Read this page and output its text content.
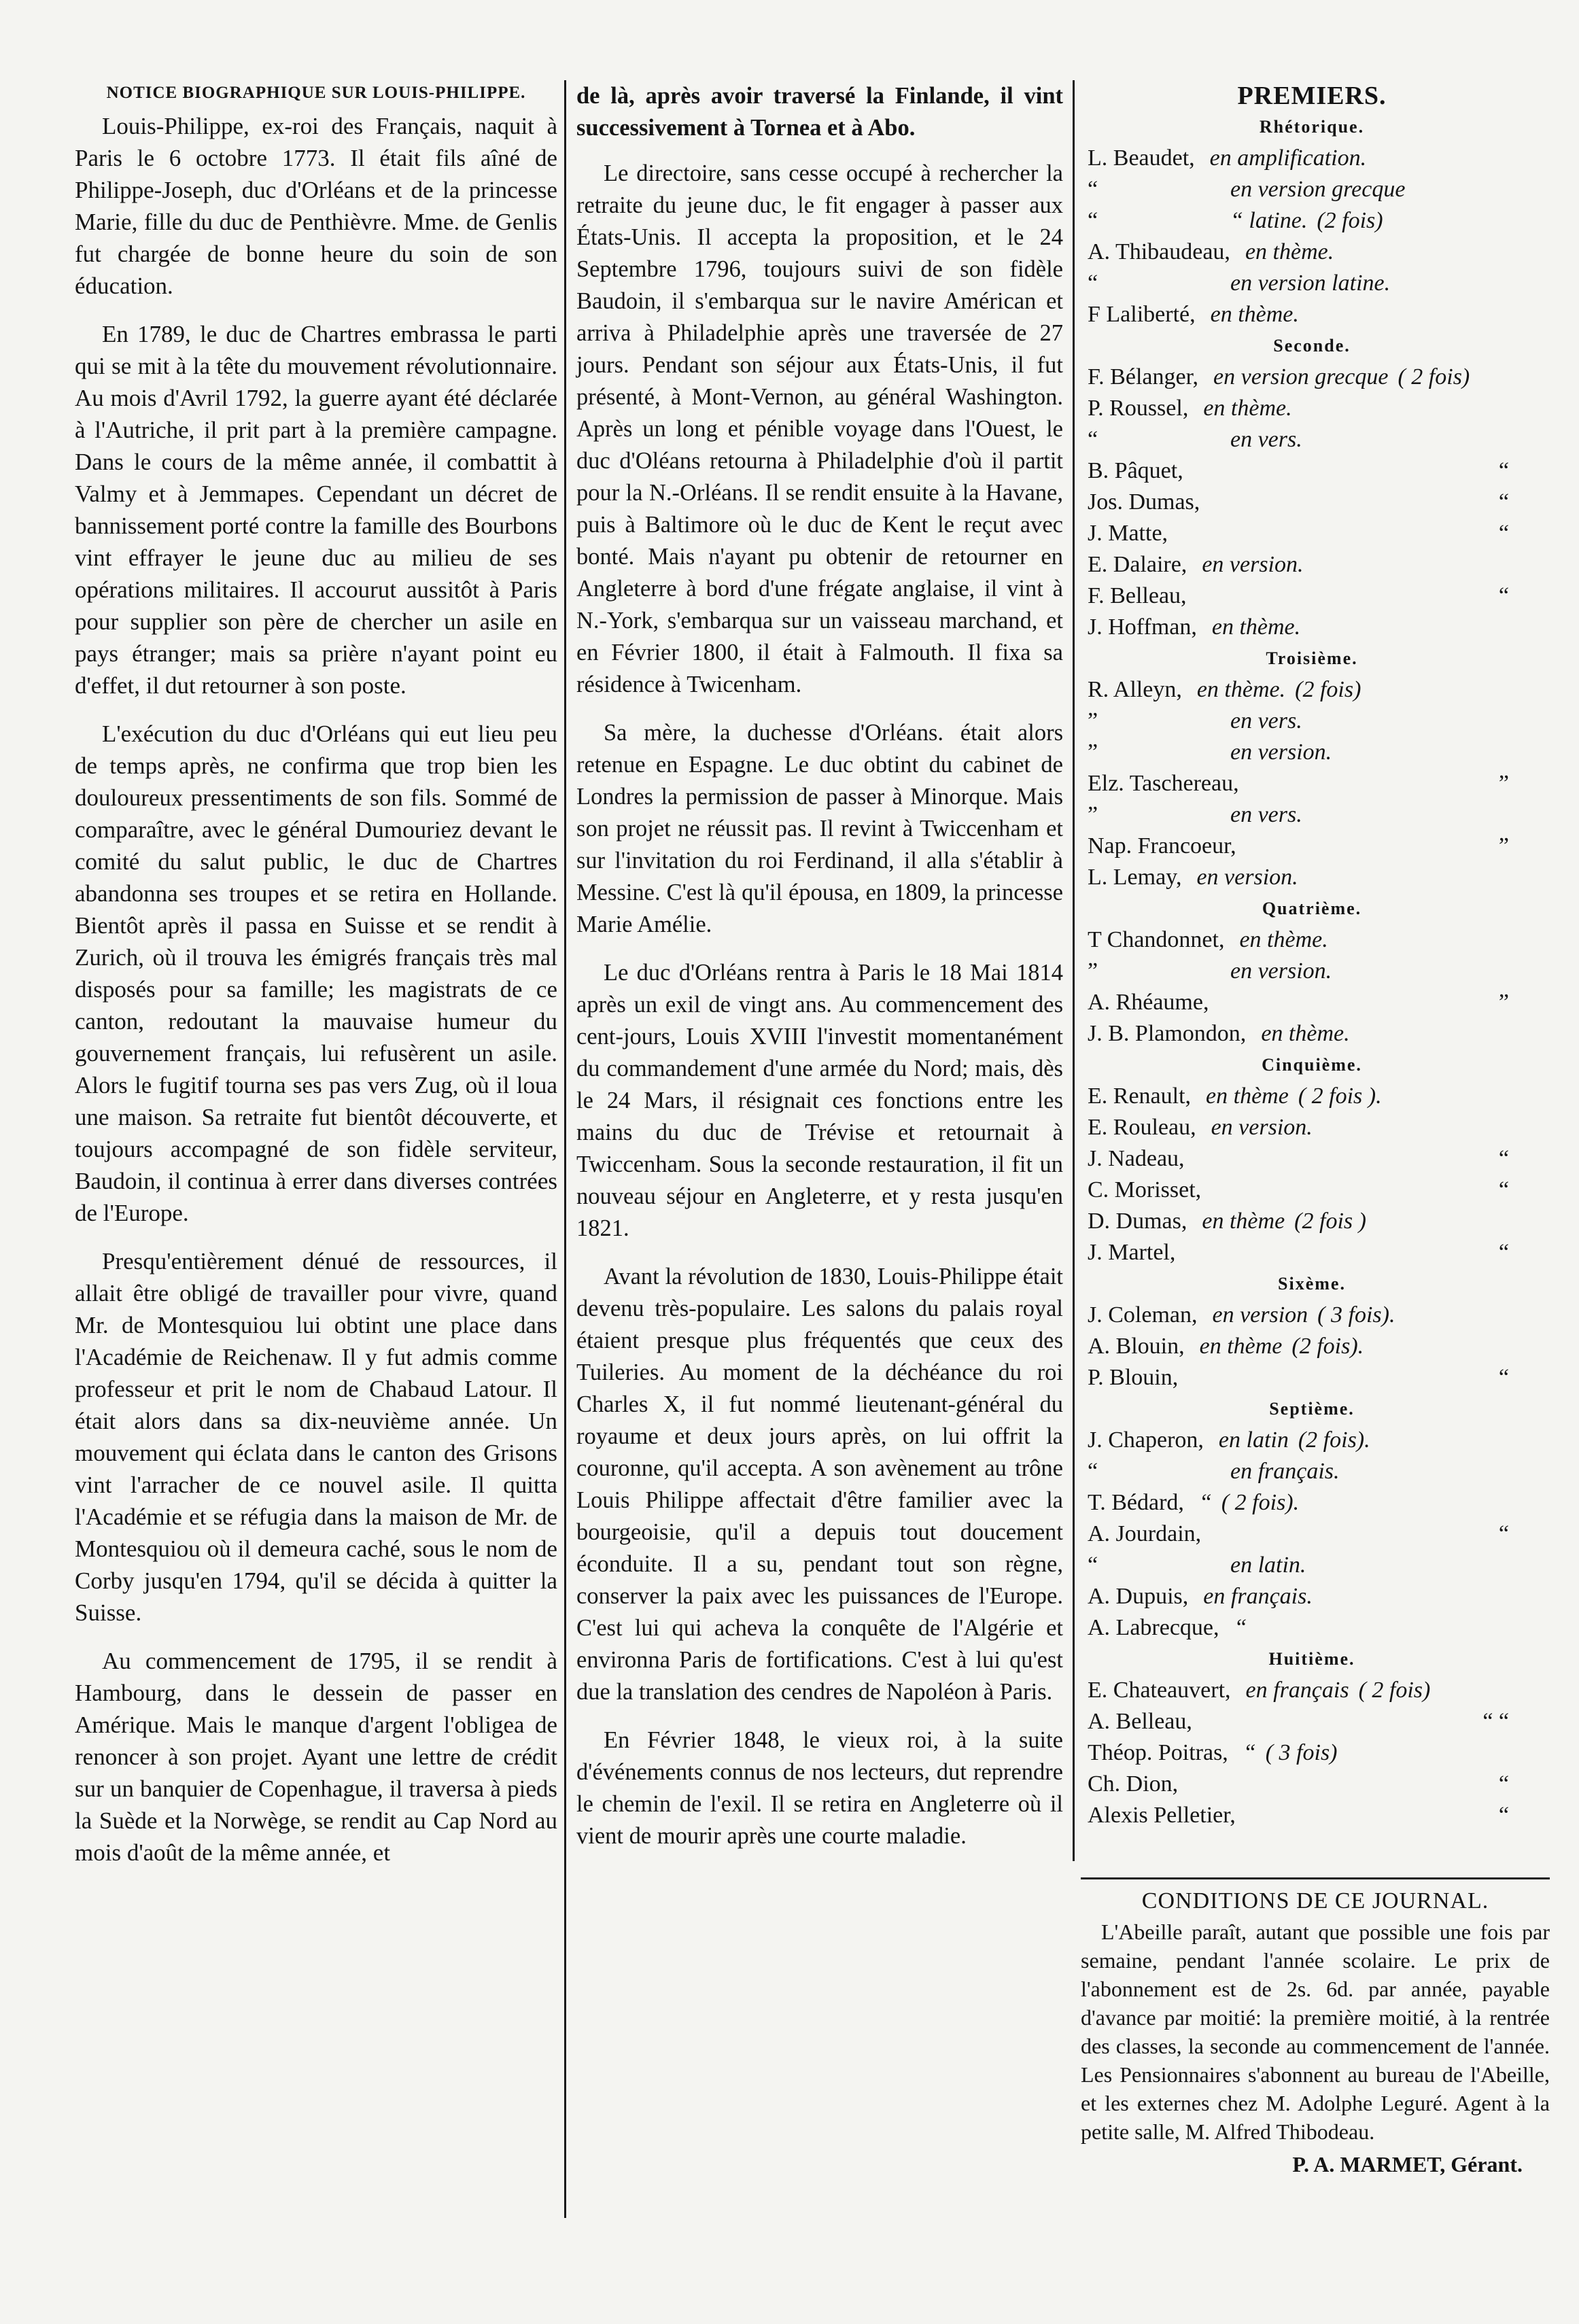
NOTICE BIOGRAPHIQUE SUR LOUIS-PHILIPPE.

Louis-Philippe, ex-roi des Français, naquit à Paris le 6 octobre 1773. Il était fils aîné de Philippe-Joseph, duc d'Orléans et de la princesse Marie, fille du duc de Penthièvre. Mme. de Genlis fut chargée de bonne heure du soin de son éducation.

En 1789, le duc de Chartres embrassa le parti qui se mit à la tête du mouvement révolutionnaire. Au mois d'Avril 1792, la guerre ayant été déclarée à l'Autriche, il prit part à la première campagne. Dans le cours de la même année, il combattit à Valmy et à Jemmapes. Cependant un décret de bannissement porté contre la famille des Bourbons vint effrayer le jeune duc au milieu de ses opérations militaires. Il accourut aussitôt à Paris pour supplier son père de chercher un asile en pays étranger; mais sa prière n'ayant point eu d'effet, il dut retourner à son poste.

L'exécution du duc d'Orléans qui eut lieu peu de temps après, ne confirma que trop bien les douloureux pressentiments de son fils. Sommé de comparaître, avec le général Dumouriez devant le comité du salut public, le duc de Chartres abandonna ses troupes et se retira en Hollande. Bientôt après il passa en Suisse et se rendit à Zurich, où il trouva les émigrés français très mal disposés pour sa famille; les magistrats de ce canton, redoutant la mauvaise humeur du gouvernement français, lui refusèrent un asile. Alors le fugitif tourna ses pas vers Zug, où il loua une maison. Sa retraite fut bientôt découverte, et toujours accompagné de son fidèle serviteur, Baudoin, il continua à errer dans diverses contrées de l'Europe.

Presqu'entièrement dénué de ressources, il allait être obligé de travailler pour vivre, quand Mr. de Montesquiou lui obtint une place dans l'Académie de Reichenaw. Il y fut admis comme professeur et prit le nom de Chabaud Latour. Il était alors dans sa dix-neuvième année. Un mouvement qui éclata dans le canton des Grisons vint l'arracher de ce nouvel asile. Il quitta l'Académie et se réfugia dans la maison de Mr. de Montesquiou où il demeura caché, sous le nom de Corby jusqu'en 1794, qu'il se décida à quitter la Suisse.

Au commencement de 1795, il se rendit à Hambourg, dans le dessein de passer en Amérique. Mais le manque d'argent l'obligea de renoncer à son projet. Ayant une lettre de crédit sur un banquier de Copenhague, il traversa à pieds la Suède et la Norwège, se rendit au Cap Nord au mois d'août de la même année, et

de là, après avoir traversé la Finlande, il vint successivement à Tornea et à Abo.

Le directoire, sans cesse occupé à rechercher la retraite du jeune duc, le fit engager à passer aux États-Unis. Il accepta la proposition, et le 24 Septembre 1796, toujours suivi de son fidèle Baudoin, il s'embarqua sur le navire Américan et arriva à Philadelphie après une traversée de 27 jours. Pendant son séjour aux États-Unis, il fut présenté, à Mont-Vernon, au général Washington. Après un long et pénible voyage dans l'Ouest, le duc d'Oléans retourna à Philadelphie d'où il partit pour la N.-Orléans. Il se rendit ensuite à la Havane, puis à Baltimore où le duc de Kent le reçut avec bonté. Mais n'ayant pu obtenir de retourner en Angleterre à bord d'une frégate anglaise, il vint à N.-York, s'embarqua sur un vaisseau marchand, et en Février 1800, il était à Falmouth. Il fixa sa résidence à Twicenham.

Sa mère, la duchesse d'Orléans. était alors retenue en Espagne. Le duc obtint du cabinet de Londres la permission de passer à Minorque. Mais son projet ne réussit pas. Il revint à Twiccenham et sur l'invitation du roi Ferdinand, il alla s'établir à Messine. C'est là qu'il épousa, en 1809, la princesse Marie Amélie.

Le duc d'Orléans rentra à Paris le 18 Mai 1814 après un exil de vingt ans. Au commencement des cent-jours, Louis XVIII l'investit momentanément du commandement d'une armée du Nord; mais, dès le 24 Mars, il résignait ces fonctions entre les mains du duc de Trévise et retournait à Twiccenham. Sous la seconde restauration, il fit un nouveau séjour en Angleterre, et y resta jusqu'en 1821.

Avant la révolution de 1830, Louis-Philippe était devenu très-populaire. Les salons du palais royal étaient presque plus fréquentés que ceux des Tuileries. Au moment de la déchéance du roi Charles X, il fut nommé lieutenant-général du royaume et deux jours après, on lui offrit la couronne, qu'il accepta. A son avènement au trône Louis Philippe affectait d'être familier avec la bourgeoisie, qu'il a depuis tout doucement éconduite. Il a su, pendant tout son règne, conserver la paix avec les puissances de l'Europe. C'est lui qui acheva la conquête de l'Algérie et environna Paris de fortifications. C'est à lui qu'est due la translation des cendres de Napoléon à Paris.

En Février 1848, le vieux roi, à la suite d'événements connus de nos lecteurs, dut reprendre le chemin de l'exil. Il se retira en Angleterre où il vient de mourir après une courte maladie.

PREMIERS.
Rhétorique.
L. Beaudet, en amplification.
“	en version grecque
“	“ latine. (2 fois)
A. Thibaudeau, en thème.
“	en version latine.
F Laliberté, en thème.
Seconde.
F. Bélanger, en version grecque ( 2 fois)
P. Roussel, en thème.
“	en vers.
B. Pâquet,	“
Jos. Dumas,	“
J. Matte,	“
E. Dalaire, en version.
F. Belleau,	“
J. Hoffman, en thème.
Troisième.
R. Alleyn, en thème. (2 fois)
”	en vers.
”	en version.
Elz. Taschereau,	”
”	en vers.
Nap. Francoeur,	”
L. Lemay, en version.
Quatrième.
T Chandonnet, en thème.
”	en version.
A. Rhéaume,	”
J. B. Plamondon, en thème.
Cinquième.
E. Renault, en thème ( 2 fois ).
E. Rouleau, en version.
J. Nadeau,	“
C. Morisset,	“
D. Dumas, en thème (2 fois )
J. Martel,	“
Sixème.
J. Coleman, en version ( 3 fois).
A. Blouin, en thème (2 fois).
P. Blouin,	“
Septième.
J. Chaperon, en latin (2 fois).
“	en français.
T. Bédard, “ ( 2 fois).
A. Jourdain,	“
“	en latin.
A. Dupuis, en français.
A. Labrecque, “
Huitième.
E. Chateauvert, en français ( 2 fois)
A. Belleau,	“ “
Théop. Poitras, “ ( 3 fois)
Ch. Dion,	“
Alexis Pelletier,	“
CONDITIONS DE CE JOURNAL.

L'Abeille paraît, autant que possible une fois par semaine, pendant l'année scolaire. Le prix de l'abonnement est de 2s. 6d. par année, payable d'avance par moitié: la première moitié, à la rentrée des classes, la seconde au commencement de l'année. Les Pensionnaires s'abonnent au bureau de l'Abeille, et les externes chez M. Adolphe Leguré. Agent à la petite salle, M. Alfred Thibodeau.

P. A. MARMET, Gérant.
